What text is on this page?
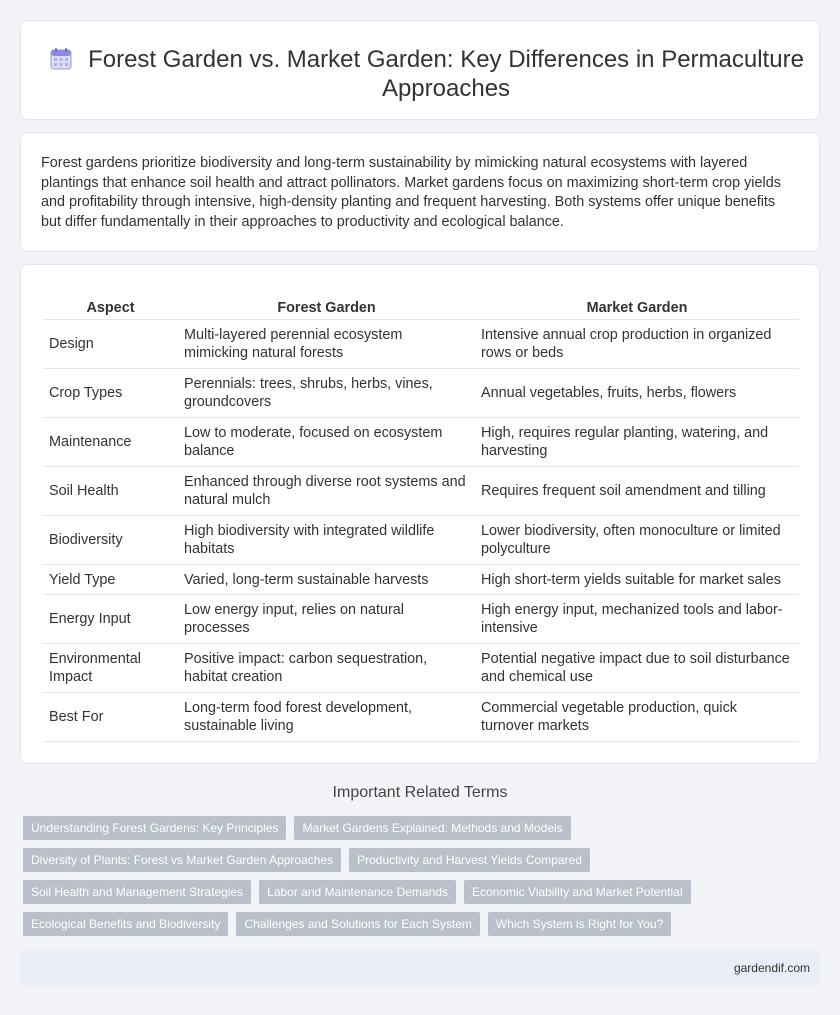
Forest Garden vs. Market Garden: Key Differences in Permaculture Approaches

Forest gardens prioritize biodiversity and long-term sustainability by mimicking natural ecosystems with layered plantings that enhance soil health and attract pollinators. Market gardens focus on maximizing short-term crop yields and profitability through intensive, high-density planting and frequent harvesting. Both systems offer unique benefits but differ fundamentally in their approaches to productivity and ecological balance.

Aspect	Forest Garden	Market Garden
Design	Multi-layered perennial ecosystem mimicking natural forests	Intensive annual crop production in organized rows or beds
Crop Types	Perennials: trees, shrubs, herbs, vines, groundcovers	Annual vegetables, fruits, herbs, flowers
Maintenance	Low to moderate, focused on ecosystem balance	High, requires regular planting, watering, and harvesting
Soil Health	Enhanced through diverse root systems and natural mulch	Requires frequent soil amendment and tilling
Biodiversity	High biodiversity with integrated wildlife habitats	Lower biodiversity, often monoculture or limited polyculture
Yield Type	Varied, long-term sustainable harvests	High short-term yields suitable for market sales
Energy Input	Low energy input, relies on natural processes	High energy input, mechanized tools and labor-intensive
Environmental Impact	Positive impact: carbon sequestration, habitat creation	Potential negative impact due to soil disturbance and chemical use
Best For	Long-term food forest development, sustainable living	Commercial vegetable production, quick turnover markets
Important Related Terms
Understanding Forest Gardens: Key Principles	Market Gardens Explained: Methods and Models
Diversity of Plants: Forest vs Market Garden Approaches	Productivity and Harvest Yields Compared
Soil Health and Management Strategies	Labor and Maintenance Demands	Economic Viability and Market Potential
Ecological Benefits and Biodiversity	Challenges and Solutions for Each System	Which System is Right for You?
gardendif.com
